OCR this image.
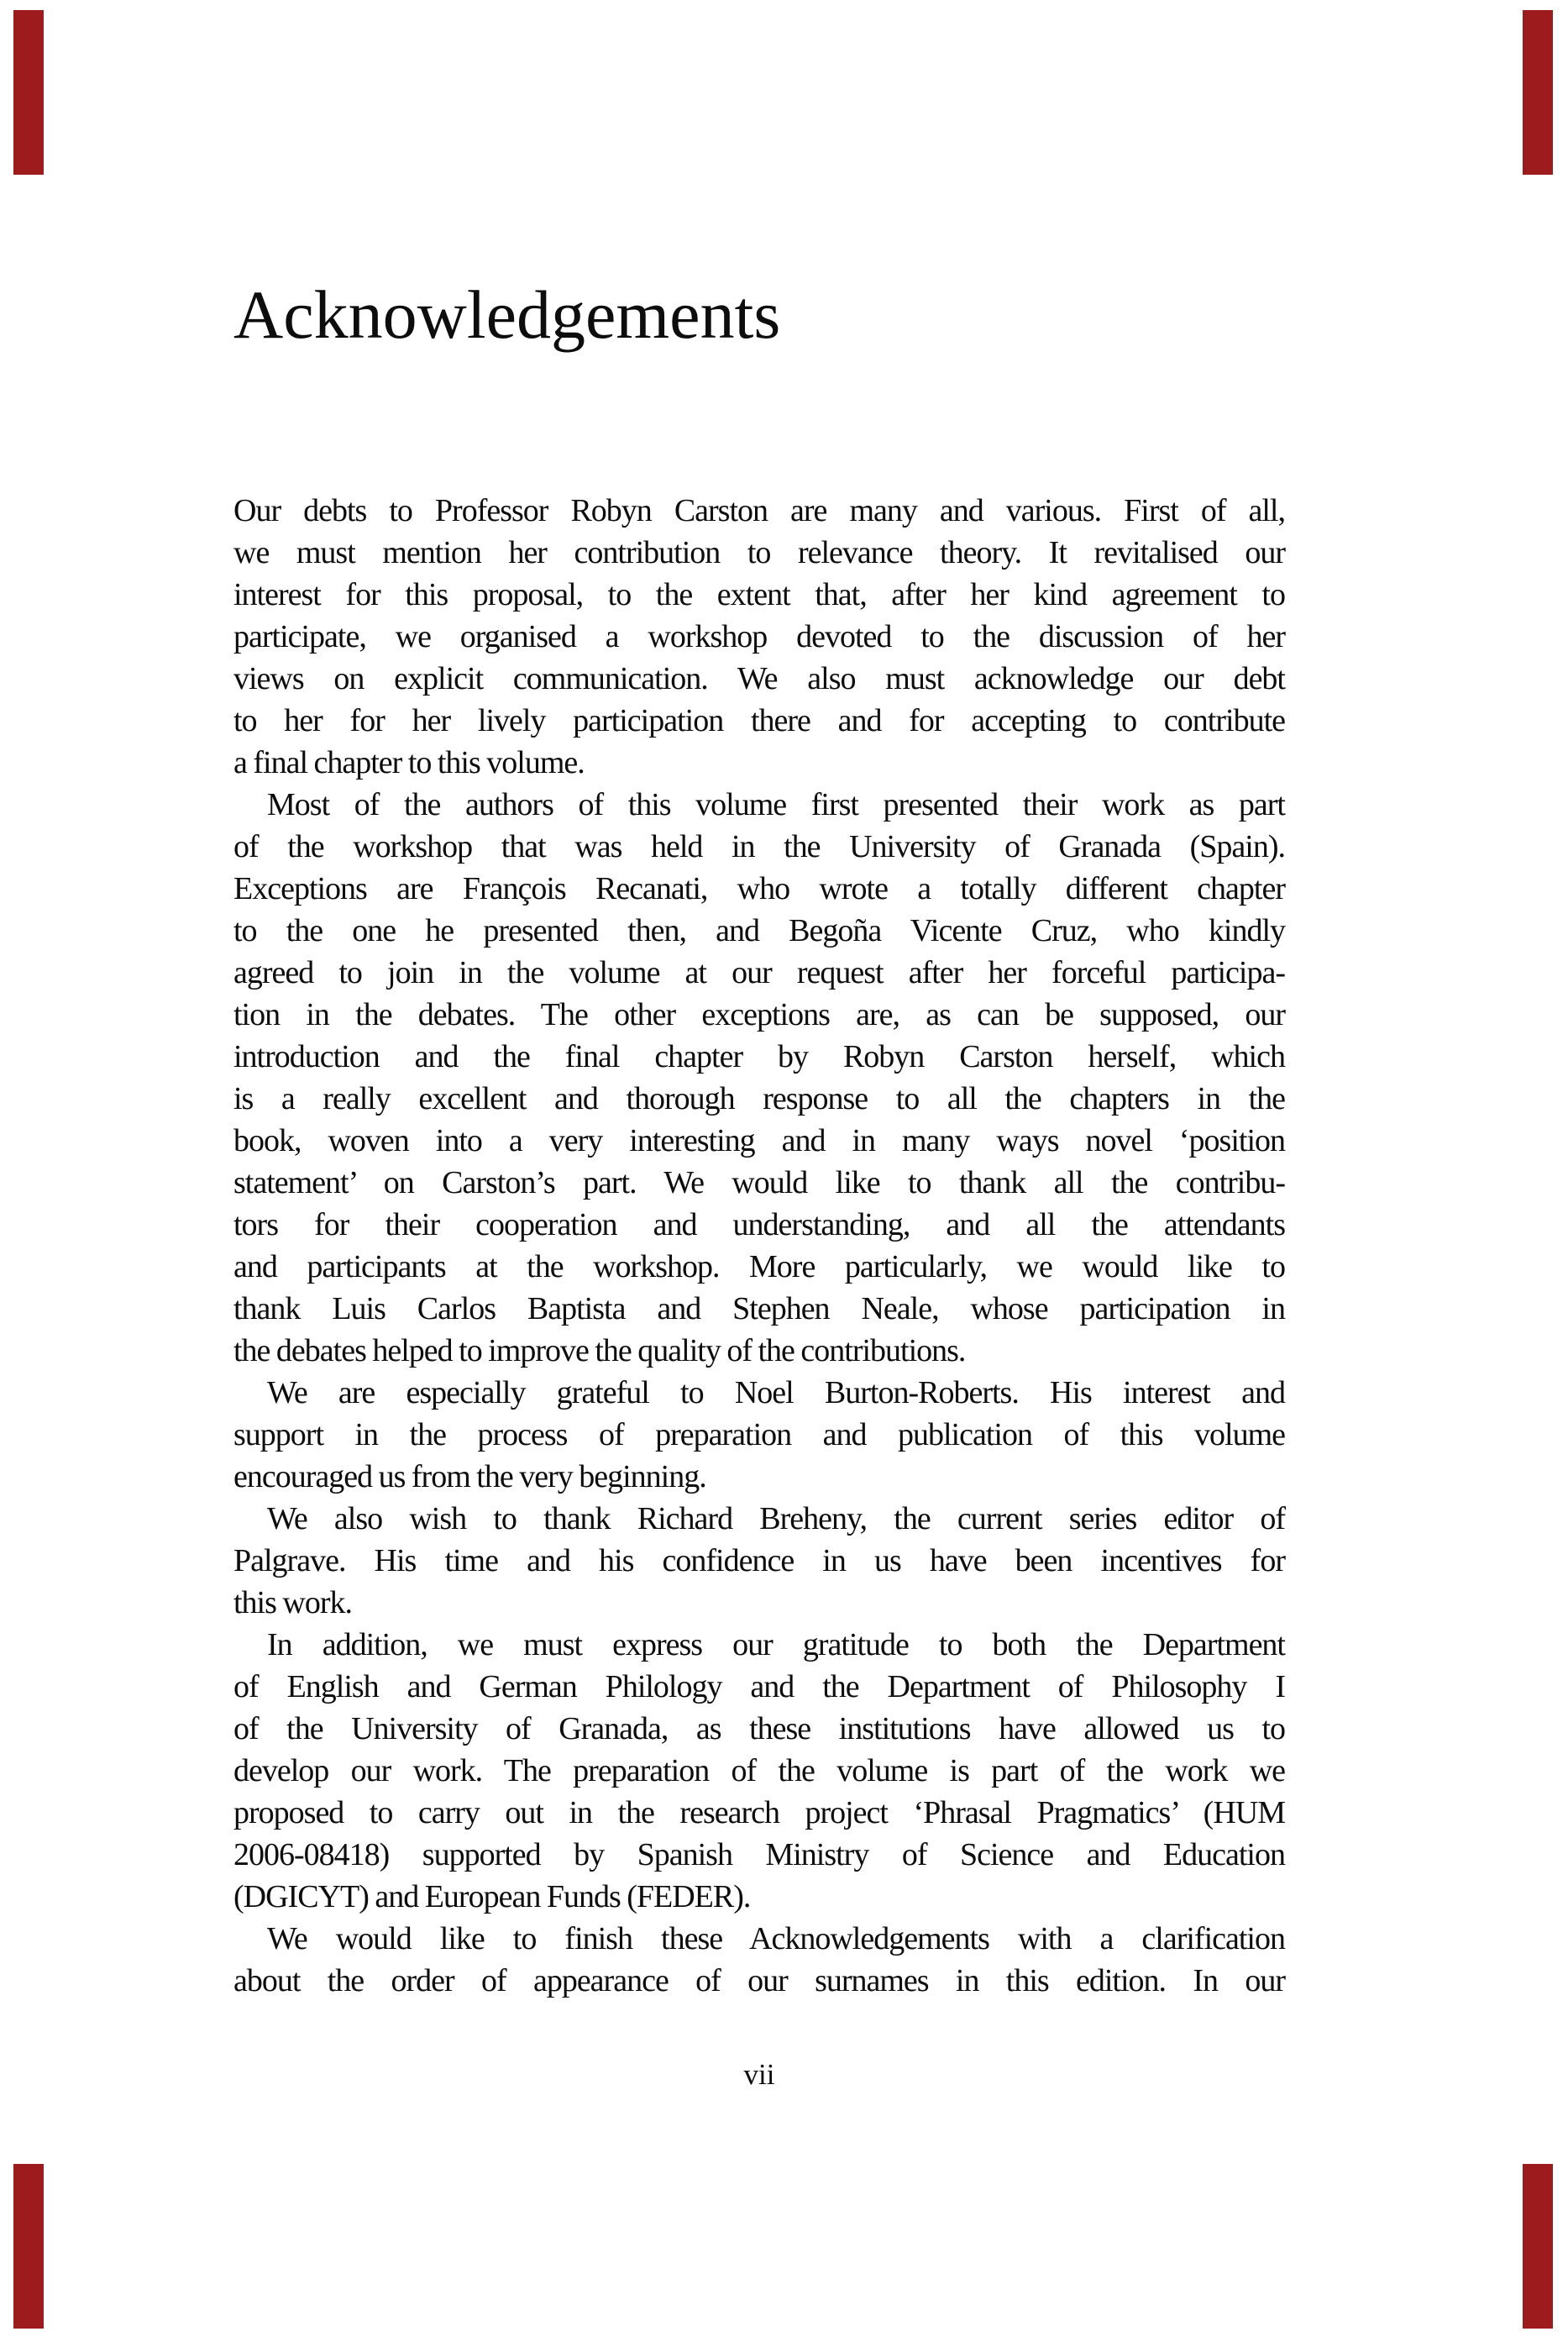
Acknowledgements
Our debts to Professor Robyn Carston are many and various. First of all,
we must mention her contribution to relevance theory. It revitalised our
interest for this proposal, to the extent that, after her kind agreement to
participate, we organised a workshop devoted to the discussion of her
views on explicit communication. We also must acknowledge our debt
to her for her lively participation there and for accepting to contribute
a final chapter to this volume.
Most of the authors of this volume first presented their work as part
of the workshop that was held in the University of Granada (Spain).
Exceptions are François Recanati, who wrote a totally different chapter
to the one he presented then, and Begoña Vicente Cruz, who kindly
agreed to join in the volume at our request after her forceful participa-
tion in the debates. The other exceptions are, as can be supposed, our
introduction and the final chapter by Robyn Carston herself, which
is a really excellent and thorough response to all the chapters in the
book, woven into a very interesting and in many ways novel ‘position
statement’ on Carston’s part. We would like to thank all the contribu-
tors for their cooperation and understanding, and all the attendants
and participants at the workshop. More particularly, we would like to
thank Luis Carlos Baptista and Stephen Neale, whose participation in
the debates helped to improve the quality of the contributions.
We are especially grateful to Noel Burton-Roberts. His interest and
support in the process of preparation and publication of this volume
encouraged us from the very beginning.
We also wish to thank Richard Breheny, the current series editor of
Palgrave. His time and his confidence in us have been incentives for
this work.
In addition, we must express our gratitude to both the Department
of English and German Philology and the Department of Philosophy I
of the University of Granada, as these institutions have allowed us to
develop our work. The preparation of the volume is part of the work we
proposed to carry out in the research project ‘Phrasal Pragmatics’ (HUM
2006-08418) supported by Spanish Ministry of Science and Education
(DGICYT) and European Funds (FEDER).
We would like to finish these Acknowledgements with a clarification
about the order of appearance of our surnames in this edition. In our
vii
